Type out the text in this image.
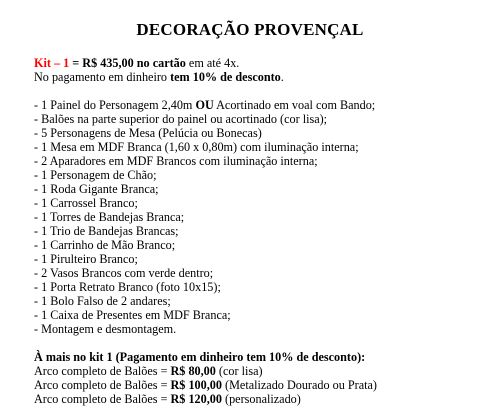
DECORAÇÃO PROVENÇAL
Kit – 1 = R$ 435,00 no cartão em até 4x.
No pagamento em dinheiro tem 10% de desconto.
- 1 Painel do Personagem 2,40m OU Acortinado em voal com Bando;
- Balões na parte superior do painel ou acortinado (cor lisa);
- 5 Personagens de Mesa (Pelúcia ou Bonecas)
- 1 Mesa em MDF Branca (1,60 x 0,80m) com iluminação interna;
- 2 Aparadores em MDF Brancos com iluminação interna;
- 1 Personagem de Chão;
- 1 Roda Gigante Branca;
- 1 Carrossel Branco;
- 1 Torres de Bandejas Branca;
- 1 Trio de Bandejas Brancas;
- 1 Carrinho de Mão Branco;
- 1 Pirulteiro Branco;
- 2 Vasos Brancos com verde dentro;
- 1 Porta Retrato Branco (foto 10x15);
- 1 Bolo Falso de 2 andares;
- 1 Caixa de Presentes em MDF Branca;
- Montagem e desmontagem.
À mais no kit 1 (Pagamento em dinheiro tem 10% de desconto):
Arco completo de Balões = R$ 80,00 (cor lisa)
Arco completo de Balões = R$ 100,00 (Metalizado Dourado ou Prata)
Arco completo de Balões = R$ 120,00 (personalizado)
